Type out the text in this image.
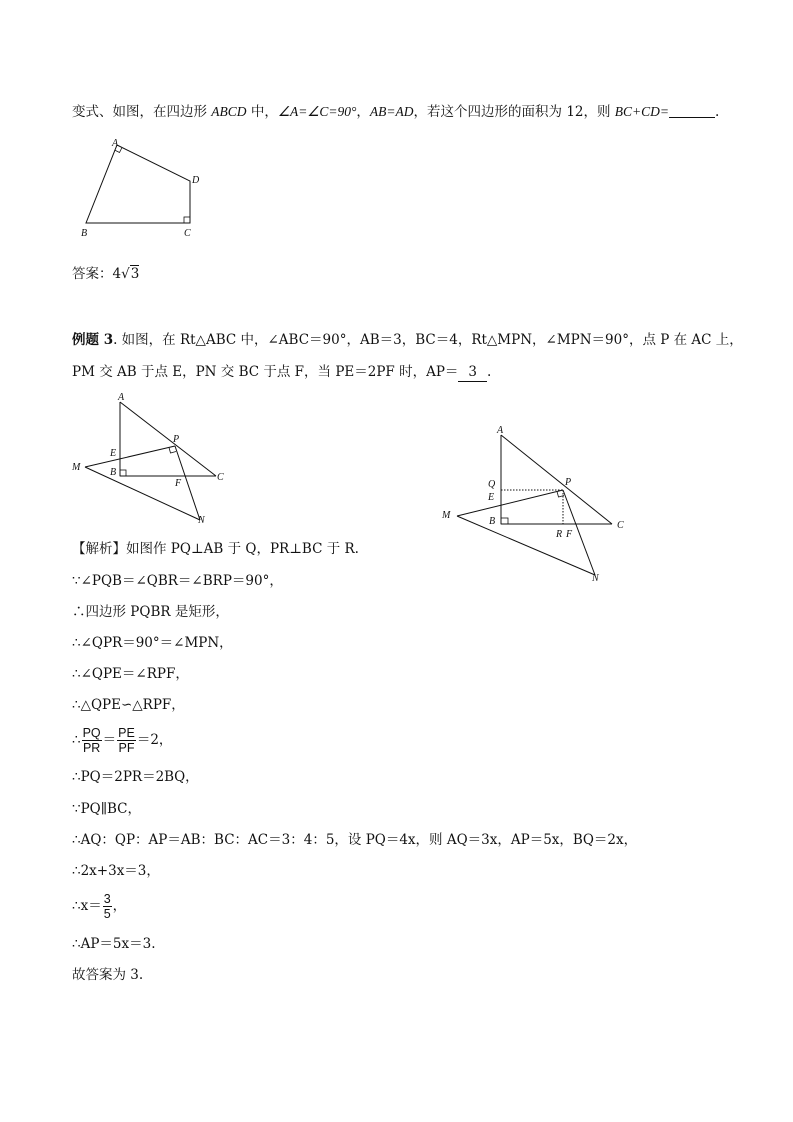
变式、如图，在四边形 ABCD 中，∠A=∠C=90°，AB=AD，若这个四边形的面积为 12，则 BC+CD=	.
A
D
B	C
答案：4√3
例题 3. 如图，在 Rt△ABC 中，∠ABC＝90°，AB＝3，BC＝4，Rt△MPN，∠MPN＝90°，点 P 在 AC 上，
PM 交 AB 于点 E，PN 交 BC 于点 F，当 PE＝2PF 时，AP＝ 3 .
A
E
P
M	B	C
F
N
A
Q
E
P
M
B	C
R F
N
【解析】如图作 PQ⊥AB 于 Q，PR⊥BC 于 R.
∵∠PQB＝∠QBR＝∠BRP＝90°，
∴四边形 PQBR 是矩形，
∴∠QPR＝90°＝∠MPN，
∴∠QPE＝∠RPF，
∴△QPE∽△RPF，
∴ $\frac{PQ}{PR} = \frac{PE}{PF} =2$，
∴PQ＝2PR＝2BQ，
∵PQ∥BC，
∴AQ：QP：AP＝AB：BC：AC＝3：4：5，设 PQ＝4x，则 AQ＝3x，AP＝5x，BQ＝2x，
∴2x+3x＝3，
∴x＝ $\frac{3}{5}$ ，
∴AP＝5x＝3.
故答案为 3.
